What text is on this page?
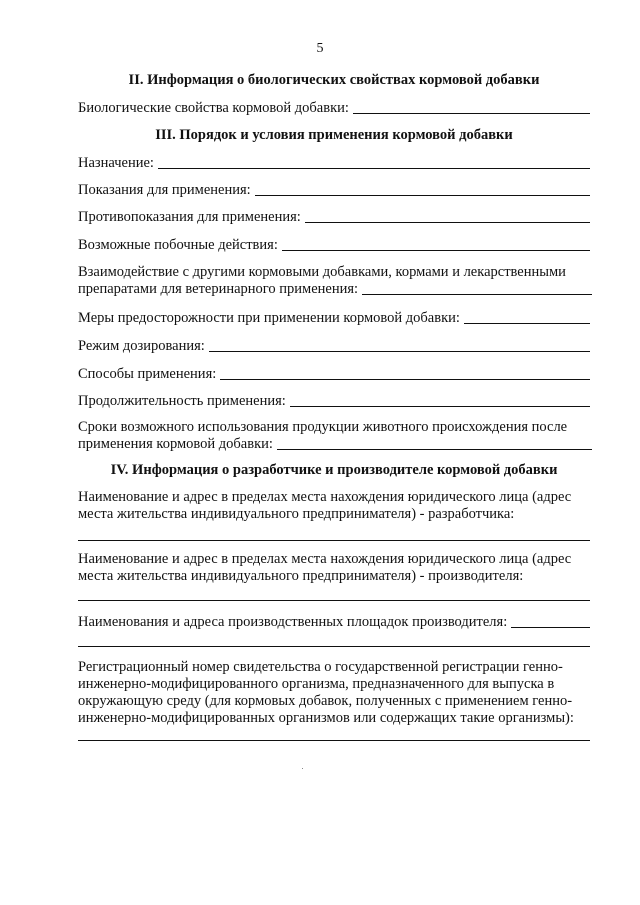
5
II. Информация о биологических свойствах кормовой добавки
Биологические свойства кормовой добавки:
III. Порядок и условия применения кормовой добавки
Назначение:
Показания для применения:
Противопоказания для применения:
Возможные побочные действия:
Взаимодействие с другими кормовыми добавками, кормами и лекарственными
препаратами для ветеринарного применения:
Меры предосторожности при применении кормовой добавки:
Режим дозирования:
Способы применения:
Продолжительность применения:
Сроки возможного использования продукции животного происхождения после
применения кормовой добавки:
IV. Информация о разработчике и производителе кормовой добавки
Наименование и адрес в пределах места нахождения юридического лица (адрес
места жительства индивидуального предпринимателя) - разработчика:
Наименование и адрес в пределах места нахождения юридического лица (адрес
места жительства индивидуального предпринимателя) - производителя:
Наименования и адреса производственных площадок производителя:
Регистрационный номер свидетельства о государственной регистрации генно-
инженерно-модифицированного организма, предназначенного для выпуска в
окружающую среду (для кормовых добавок, полученных с применением генно-
инженерно-модифицированных организмов или содержащих такие организмы):
